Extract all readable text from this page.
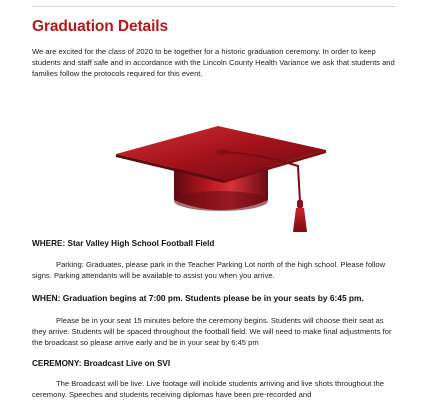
Graduation Details

We are excited for the class of 2020 to be together for a historic graduation ceremony. In order to keep students and staff safe and in accordance with the Lincoln County Health Variance we ask that students and families follow the protocols required for this event.

WHERE: Star Valley High School Football Field

Parking: Graduates, please park in the Teacher Parking Lot north of the high school. Please follow signs. Parking attendants will be available to assist you when you arrive.

WHEN: Graduation begins at 7:00 pm. Students please be in your seats by 6:45 pm.

Please be in your seat 15 minutes before the ceremony begins. Students will choose their seat as they arrive. Students will be spaced throughout the football field. We will need to make final adjustments for the broadcast so please arrive early and be in your seat by 6:45 pm

CEREMONY: Broadcast Live on SVI

The Broadcast will be live. Live footage will include students arriving and live shots throughout the ceremony. Speeches and students receiving diplomas have been pre-recorded and
